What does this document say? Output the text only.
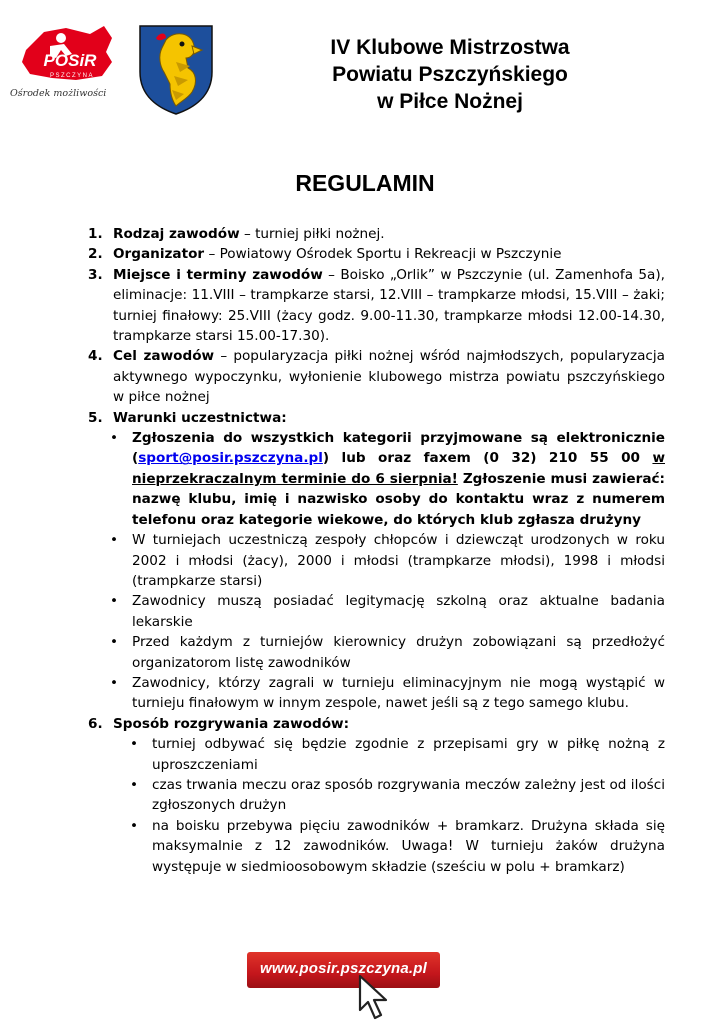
POSiR
PSZCZYNA
Ośrodek możliwości
IV Klubowe Mistrzostwa
Powiatu Pszczyńskiego
w Piłce Nożnej
REGULAMIN
1. Rodzaj zawodów – turniej piłki nożnej.
2. Organizator – Powiatowy Ośrodek Sportu i Rekreacji w Pszczynie
3. Miejsce i terminy zawodów – Boisko „Orlik” w Pszczynie (ul. Zamenhofa 5a), eliminacje: 11.VIII – trampkarze starsi, 12.VIII – trampkarze młodsi, 15.VIII – żaki; turniej finałowy: 25.VIII (żacy godz. 9.00-11.30, trampkarze młodsi 12.00-14.30, trampkarze starsi 15.00-17.30).
4. Cel zawodów – popularyzacja piłki nożnej wśród najmłodszych, popularyzacja aktywnego wypoczynku, wyłonienie klubowego mistrza powiatu pszczyńskiego w piłce nożnej
5. Warunki uczestnictwa:
•	Zgłoszenia do wszystkich kategorii przyjmowane są elektronicznie (sport@posir.pszczyna.pl) lub oraz faxem (0 32) 210 55 00 w nieprzekraczalnym terminie do 6 sierpnia! Zgłoszenie musi zawierać: nazwę klubu, imię i nazwisko osoby do kontaktu wraz z numerem telefonu oraz kategorie wiekowe, do których klub zgłasza drużyny
•	W turniejach uczestniczą zespoły chłopców i dziewcząt urodzonych w roku 2002 i młodsi (żacy), 2000 i młodsi (trampkarze młodsi), 1998 i młodsi (trampkarze starsi)
•	Zawodnicy muszą posiadać legitymację szkolną oraz aktualne badania lekarskie
•	Przed każdym z turniejów kierownicy drużyn zobowiązani są przedłożyć organizatorom listę zawodników
•	Zawodnicy, którzy zagrali w turnieju eliminacyjnym nie mogą wystąpić w turnieju finałowym w innym zespole, nawet jeśli są z tego samego klubu.
6. Sposób rozgrywania zawodów:
•	turniej odbywać się będzie zgodnie z przepisami gry w piłkę nożną z uproszczeniami
•	czas trwania meczu oraz sposób rozgrywania meczów zależny jest od ilości zgłoszonych drużyn
•	na boisku przebywa pięciu zawodników + bramkarz. Drużyna składa się maksymalnie z 12 zawodników. Uwaga! W turnieju żaków drużyna występuje w siedmioosobowym składzie (sześciu w polu + bramkarz)
www.posir.pszczyna.pl
